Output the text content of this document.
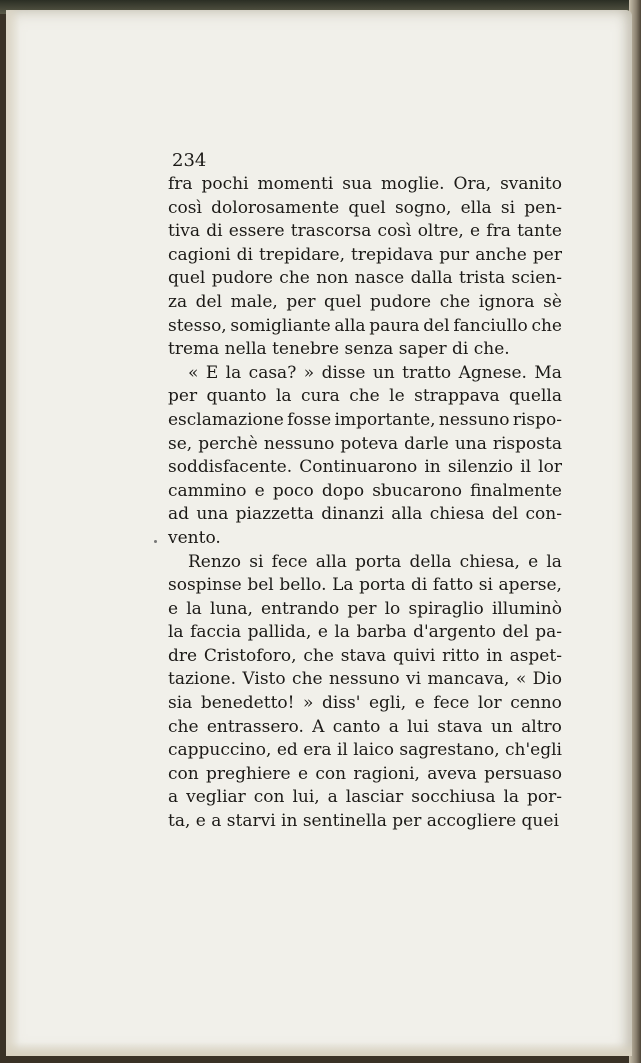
234
fra pochi momenti sua moglie. Ora, svanito
così dolorosamente quel sogno, ella si pen-
tiva di essere trascorsa così oltre, e fra tante
cagioni di trepidare, trepidava pur anche per
quel pudore che non nasce dalla trista scien-
za del male, per quel pudore che ignora sè
stesso, somigliante alla paura del fanciullo che
trema nella tenebre senza saper di che.
« E la casa? » disse un tratto Agnese. Ma
per quanto la cura che le strappava quella
esclamazione fosse importante, nessuno rispo-
se, perchè nessuno poteva darle una risposta
soddisfacente. Continuarono in silenzio il lor
cammino e poco dopo sbucarono finalmente
ad una piazzetta dinanzi alla chiesa del con-
vento.
Renzo si fece alla porta della chiesa, e la
sospinse bel bello. La porta di fatto si aperse,
e la luna, entrando per lo spiraglio illuminò
la faccia pallida, e la barba d'argento del pa-
dre Cristoforo, che stava quivi ritto in aspet-
tazione. Visto che nessuno vi mancava, « Dio
sia benedetto! » diss' egli, e fece lor cenno
che entrassero. A canto a lui stava un altro
cappuccino, ed era il laico sagrestano, ch'egli
con preghiere e con ragioni, aveva persuaso
a vegliar con lui, a lasciar socchiusa la por-
ta, e a starvi in sentinella per accogliere quei
